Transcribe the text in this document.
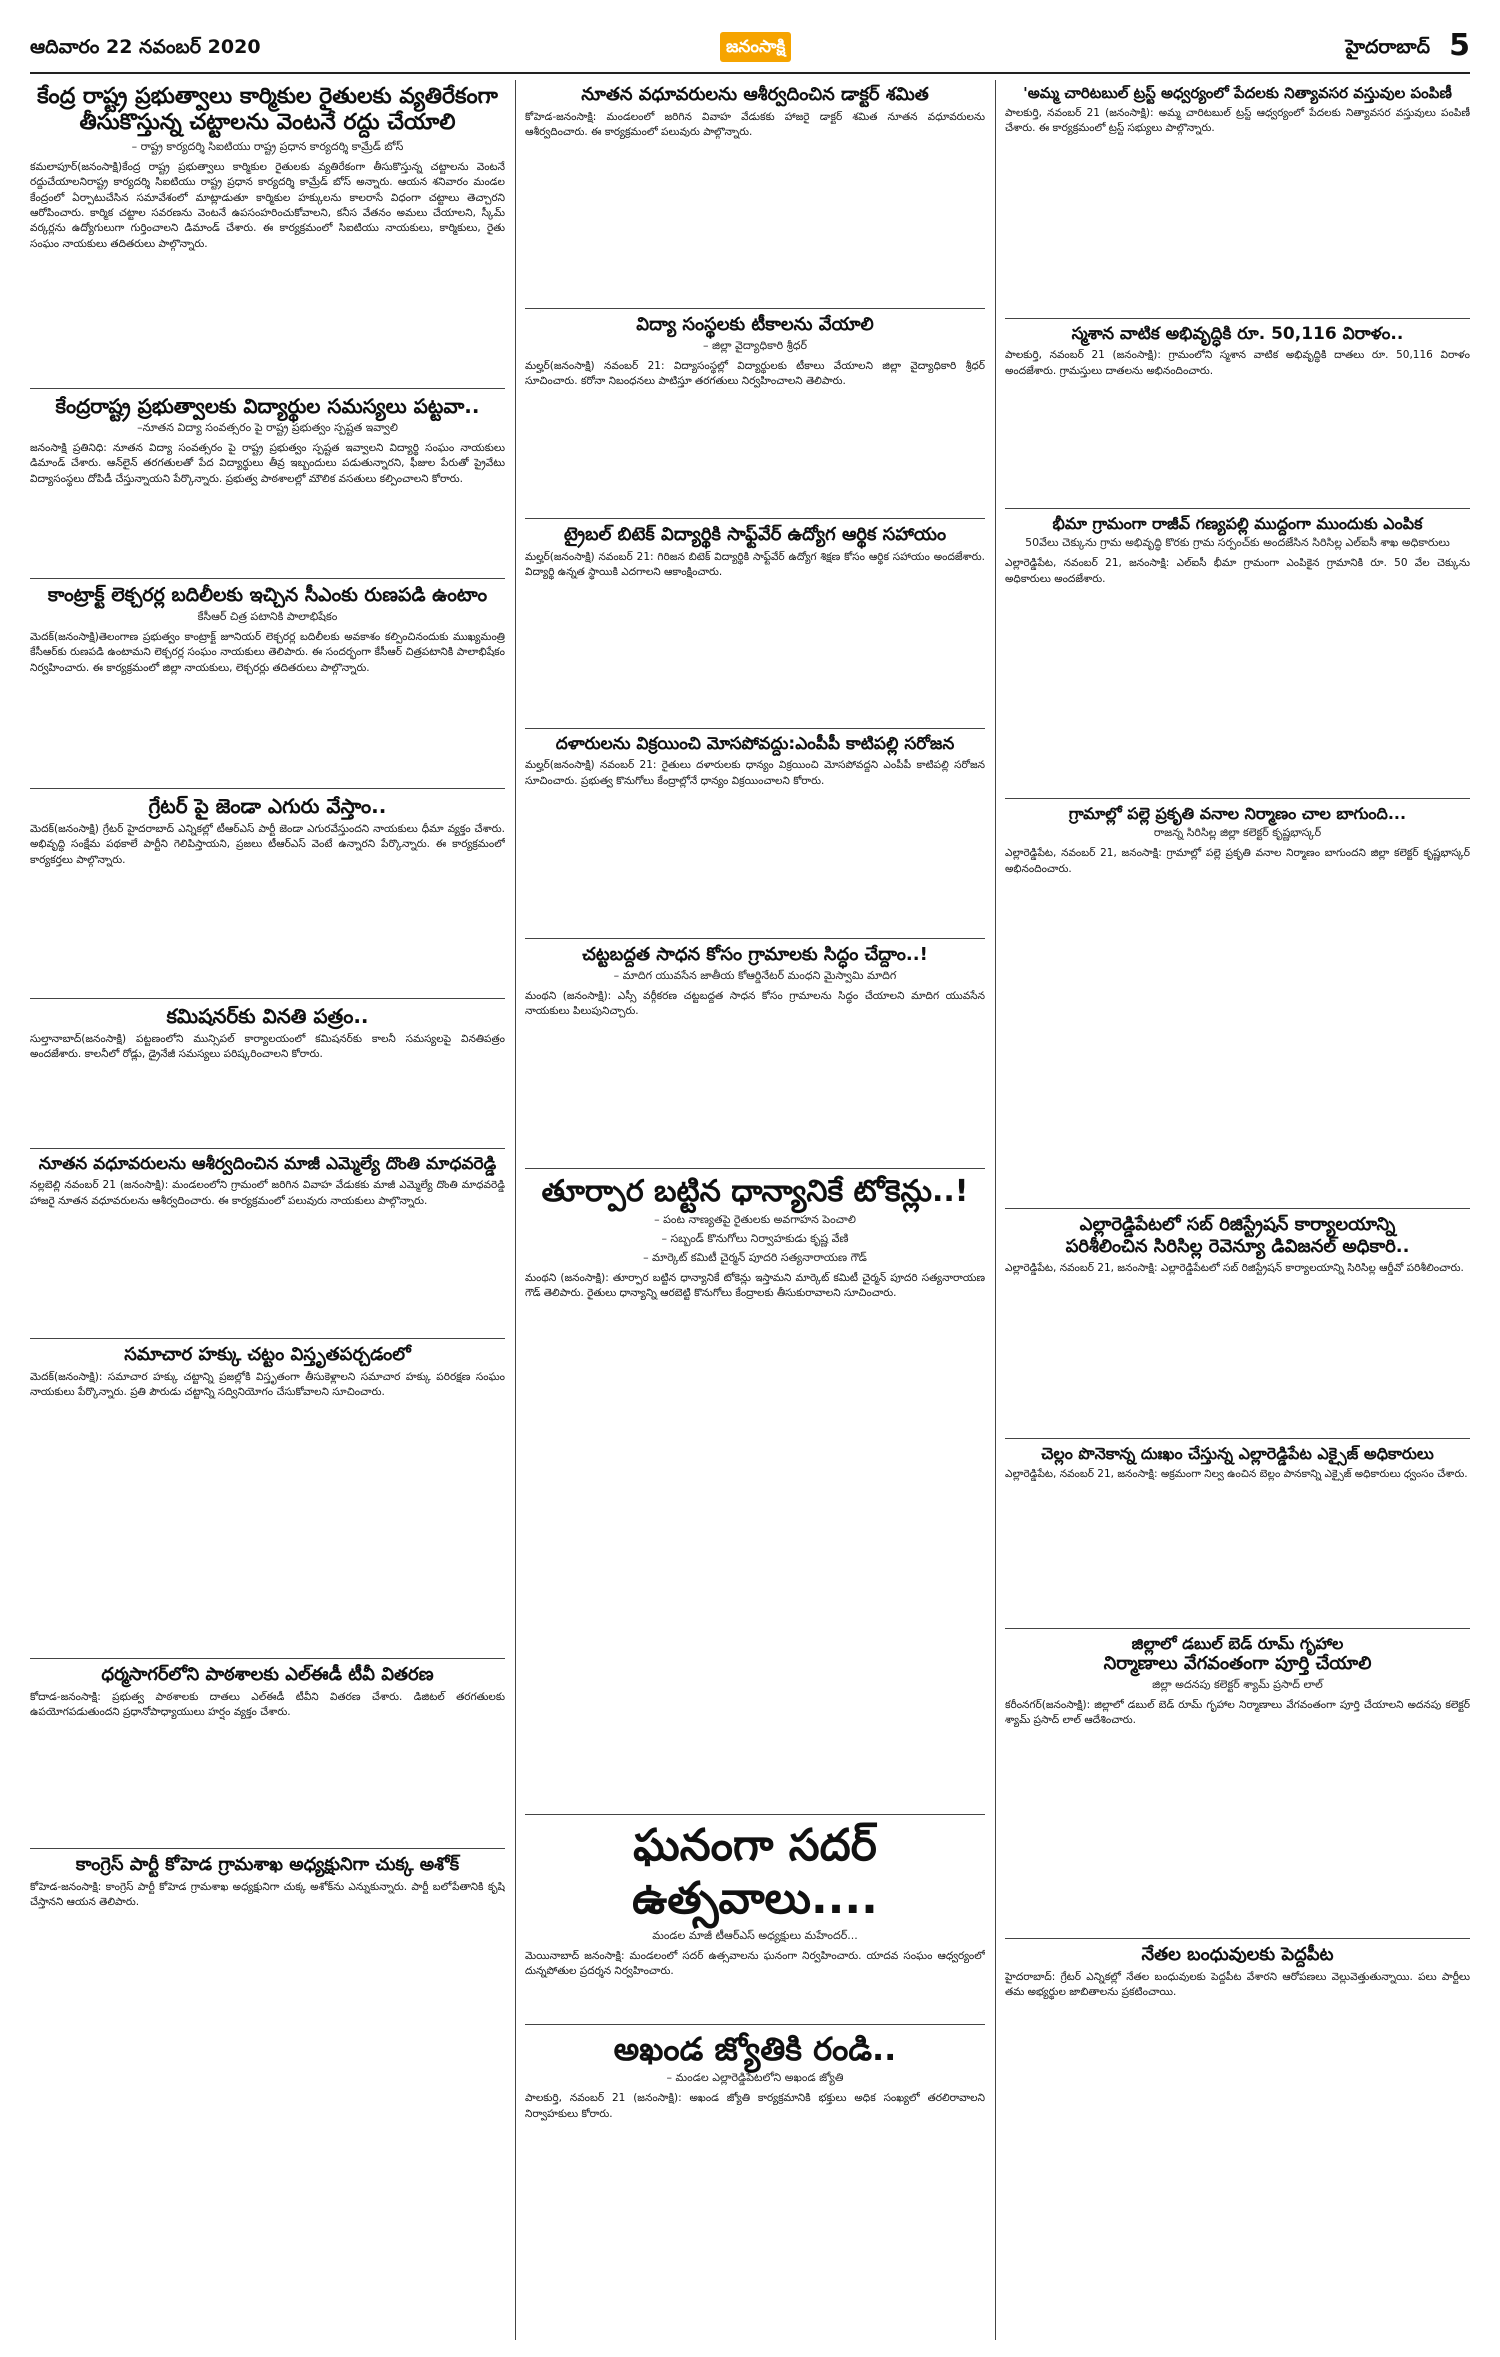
ఆదివారం 22 నవంబర్ 2020	జనంసాక్షి	హైదరాబాద్ 5

కేంద్ర రాష్ట్ర ప్రభుత్వాలు కార్మికుల రైతులకు వ్యతిరేకంగా

తీసుకొస్తున్న చట్టాలను వెంటనే రద్దు చేయాలి

– రాష్ట్ర కార్యదర్శి సిఐటియు రాష్ట్ర ప్రధాన కార్యదర్శి కామ్రేడ్ బోస్

కమలాపూర్(జనంసాక్షి)కేంద్ర రాష్ట్ర ప్రభుత్వాలు కార్మికుల రైతులకు వ్యతిరేకంగా తీసుకొస్తున్న చట్టాలను వెంటనే రద్దుచేయాలనిరాష్ట్ర కార్యదర్శి సిఐటియు రాష్ట్ర ప్రధాన కార్యదర్శి కామ్రేడ్ బోస్ అన్నారు. ఆయన శనివారం మండల కేంద్రంలో ఏర్పాటుచేసిన సమావేశంలో మాట్లాడుతూ కార్మికుల హక్కులను కాలరాసే విధంగా చట్టాలు తెచ్చారని ఆరోపించారు. కార్మిక చట్టాల సవరణను వెంటనే ఉపసంహరించుకోవాలని, కనీస వేతనం అమలు చేయాలని, స్కీమ్ వర్కర్లను ఉద్యోగులుగా గుర్తించాలని డిమాండ్ చేశారు. ఈ కార్యక్రమంలో సిఐటియు నాయకులు, కార్మికులు, రైతు సంఘం నాయకులు తదితరులు పాల్గొన్నారు.

కేంద్రరాష్ట్ర ప్రభుత్వాలకు విద్యార్థుల సమస్యలు పట్టవా..

–నూతన విద్యా సంవత్సరం పై రాష్ట్ర ప్రభుత్వం స్పష్టత ఇవ్వాలి

జనంసాక్షి ప్రతినిధి: నూతన విద్యా సంవత్సరం పై రాష్ట్ర ప్రభుత్వం స్పష్టత ఇవ్వాలని విద్యార్థి సంఘం నాయకులు డిమాండ్ చేశారు. ఆన్‌లైన్ తరగతులతో పేద విద్యార్థులు తీవ్ర ఇబ్బందులు పడుతున్నారని, ఫీజుల పేరుతో ప్రైవేటు విద్యాసంస్థలు దోపిడీ చేస్తున్నాయని పేర్కొన్నారు. ప్రభుత్వ పాఠశాలల్లో మౌలిక వసతులు కల్పించాలని కోరారు.

కాంట్రాక్ట్ లెక్చరర్ల బదిలీలకు ఇచ్చిన సీఎంకు రుణపడి ఉంటాం

కేసీఆర్ చిత్ర పటానికి పాలాభిషేకం

మెదక్(జనంసాక్షి)తెలంగాణ ప్రభుత్వం కాంట్రాక్ట్ జూనియర్ లెక్చరర్ల బదిలీలకు అవకాశం కల్పించినందుకు ముఖ్యమంత్రి కేసీఆర్‌కు రుణపడి ఉంటామని లెక్చరర్ల సంఘం నాయకులు తెలిపారు. ఈ సందర్భంగా కేసీఆర్ చిత్రపటానికి పాలాభిషేకం నిర్వహించారు. ఈ కార్యక్రమంలో జిల్లా నాయకులు, లెక్చరర్లు తదితరులు పాల్గొన్నారు.

గ్రేటర్ పై జెండా ఎగురు వేస్తాం..

మెదక్(జనంసాక్షి) గ్రేటర్ హైదరాబాద్ ఎన్నికల్లో టీఆర్ఎస్ పార్టీ జెండా ఎగురవేస్తుందని నాయకులు ధీమా వ్యక్తం చేశారు. అభివృద్ధి సంక్షేమ పథకాలే పార్టీని గెలిపిస్తాయని, ప్రజలు టీఆర్ఎస్ వెంటే ఉన్నారని పేర్కొన్నారు. ఈ కార్యక్రమంలో కార్యకర్తలు పాల్గొన్నారు.

కమిషనర్‌కు వినతి పత్రం..

సుల్తానాబాద్(జనంసాక్షి) పట్టణంలోని మున్సిపల్ కార్యాలయంలో కమిషనర్‌కు కాలనీ సమస్యలపై వినతిపత్రం అందజేశారు. కాలనీలో రోడ్లు, డ్రైనేజీ సమస్యలు పరిష్కరించాలని కోరారు.

నూతన వధూవరులను ఆశీర్వదించిన మాజీ ఎమ్మెల్యే దొంతి మాధవరెడ్డి

నల్లబెల్లి నవంబర్ 21 (జనంసాక్షి): మండలంలోని గ్రామంలో జరిగిన వివాహ వేడుకకు మాజీ ఎమ్మెల్యే దొంతి మాధవరెడ్డి హాజరై నూతన వధూవరులను ఆశీర్వదించారు. ఈ కార్యక్రమంలో పలువురు నాయకులు పాల్గొన్నారు.

సమాచార హక్కు చట్టం విస్తృతపర్చడంలో

మెదక్(జనంసాక్షి): సమాచార హక్కు చట్టాన్ని ప్రజల్లోకి విస్తృతంగా తీసుకెళ్లాలని సమాచార హక్కు పరిరక్షణ సంఘం నాయకులు పేర్కొన్నారు. ప్రతి పౌరుడు చట్టాన్ని సద్వినియోగం చేసుకోవాలని సూచించారు.

ధర్మసాగర్‌లోని పాఠశాలకు ఎల్ఈడీ టీవీ వితరణ

కోదాడ-జనంసాక్షి: ప్రభుత్వ పాఠశాలకు దాతలు ఎల్ఈడీ టీవీని వితరణ చేశారు. డిజిటల్ తరగతులకు ఉపయోగపడుతుందని ప్రధానోపాధ్యాయులు హర్షం వ్యక్తం చేశారు.

కాంగ్రెస్ పార్టీ కోహెడ గ్రామశాఖ అధ్యక్షునిగా చుక్క అశోక్

కోహెడ-జనంసాక్షి: కాంగ్రెస్ పార్టీ కోహెడ గ్రామశాఖ అధ్యక్షునిగా చుక్క అశోక్‌ను ఎన్నుకున్నారు. పార్టీ బలోపేతానికి కృషి చేస్తానని ఆయన తెలిపారు.

నూతన వధూవరులను ఆశీర్వదించిన డాక్టర్ శమిత

కోహెడ-జనంసాక్షి: మండలంలో జరిగిన వివాహ వేడుకకు హాజరై డాక్టర్ శమిత నూతన వధూవరులను ఆశీర్వదించారు. ఈ కార్యక్రమంలో పలువురు పాల్గొన్నారు.

విద్యా సంస్థలకు టీకాలను వేయాలి

– జిల్లా వైద్యాధికారి శ్రీధర్

మల్హర్(జనంసాక్షి) నవంబర్ 21: విద్యాసంస్థల్లో విద్యార్థులకు టీకాలు వేయాలని జిల్లా వైద్యాధికారి శ్రీధర్ సూచించారు. కరోనా నిబంధనలు పాటిస్తూ తరగతులు నిర్వహించాలని తెలిపారు.

ట్రైబల్ బిటెక్ విద్యార్థికి సాఫ్ట్‌వేర్ ఉద్యోగ ఆర్థిక సహాయం

మల్హర్(జనంసాక్షి) నవంబర్ 21: గిరిజన బిటెక్ విద్యార్థికి సాఫ్ట్‌వేర్ ఉద్యోగ శిక్షణ కోసం ఆర్థిక సహాయం అందజేశారు. విద్యార్థి ఉన్నత స్థాయికి ఎదగాలని ఆకాంక్షించారు.

దళారులను విక్రయించి మోసపోవద్దు:ఎంపీపీ కాటిపల్లి సరోజన

మల్హర్(జనంసాక్షి) నవంబర్ 21: రైతులు దళారులకు ధాన్యం విక్రయించి మోసపోవద్దని ఎంపీపీ కాటిపల్లి సరోజన సూచించారు. ప్రభుత్వ కొనుగోలు కేంద్రాల్లోనే ధాన్యం విక్రయించాలని కోరారు.

చట్టబద్దత సాధన కోసం గ్రామాలకు సిద్ధం చేద్దాం..!

– మాదిగ యువసేన జాతీయ కోఆర్డినేటర్ మంధని మైస్వామి మాదిగ

మంథని (జనంసాక్షి): ఎస్సీ వర్గీకరణ చట్టబద్దత సాధన కోసం గ్రామాలను సిద్ధం చేయాలని మాదిగ యువసేన నాయకులు పిలుపునిచ్చారు.

తూర్పార బట్టిన ధాన్యానికే టోకెన్లు..!

– పంట నాణ్యతపై రైతులకు అవగాహన పెంచాలి

– సబ్బండ్ కొనుగోలు నిర్వాహకుడు కృష్ణ వేణి

– మార్కెట్ కమిటీ చైర్మన్ పూదరి సత్యనారాయణ గౌడ్

మంథని (జనంసాక్షి): తూర్పార బట్టిన ధాన్యానికే టోకెన్లు ఇస్తామని మార్కెట్ కమిటీ చైర్మన్ పూదరి సత్యనారాయణ గౌడ్ తెలిపారు. రైతులు ధాన్యాన్ని ఆరబెట్టి కొనుగోలు కేంద్రాలకు తీసుకురావాలని సూచించారు.

ఘనంగా సదర్ ఉత్సవాలు....

మండల మాజీ టీఆర్ఎస్ అధ్యక్షులు మహేందర్...

మెయినాబాద్ జనంసాక్షి: మండలంలో సదర్ ఉత్సవాలను ఘనంగా నిర్వహించారు. యాదవ సంఘం ఆధ్వర్యంలో దున్నపోతుల ప్రదర్శన నిర్వహించారు.

అఖండ జ్యోతికి రండి..

– మండల ఎల్లారెడ్డిపేటలోని అఖండ జ్యోతి

పాలకుర్తి, నవంబర్ 21 (జనంసాక్షి): అఖండ జ్యోతి కార్యక్రమానికి భక్తులు అధిక సంఖ్యలో తరలిరావాలని నిర్వాహకులు కోరారు.

'అమ్మ చారిటబుల్ ట్రస్ట్ అధ్వర్యంలో పేదలకు నిత్యావసర వస్తువుల పంపిణీ

పాలకుర్తి, నవంబర్ 21 (జనంసాక్షి): అమ్మ చారిటబుల్ ట్రస్ట్ ఆధ్వర్యంలో పేదలకు నిత్యావసర వస్తువులు పంపిణీ చేశారు. ఈ కార్యక్రమంలో ట్రస్ట్ సభ్యులు పాల్గొన్నారు.

స్మశాన వాటిక అభివృద్ధికి రూ. 50,116 విరాళం..

పాలకుర్తి, నవంబర్ 21 (జనంసాక్షి): గ్రామంలోని స్మశాన వాటిక అభివృద్ధికి దాతలు రూ. 50,116 విరాళం అందజేశారు. గ్రామస్తులు దాతలను అభినందించారు.

భీమా గ్రామంగా రాజీవ్ గణ్యపల్లి ముద్దంగా ముందుకు ఎంపిక

50వేలు చెక్కును గ్రామ అభివృద్ధి కొరకు గ్రామ సర్పంచ్‌కు అందజేసిన సిరిసిల్ల ఎల్ఐసీ శాఖ అధికారులు

ఎల్లారెడ్డిపేట, నవంబర్ 21, జనంసాక్షి: ఎల్ఐసీ భీమా గ్రామంగా ఎంపికైన గ్రామానికి రూ. 50 వేల చెక్కును అధికారులు అందజేశారు.

గ్రామాల్లో పల్లె ప్రకృతి వనాల నిర్మాణం చాల బాగుంది...

రాజన్న సిరిసిల్ల జిల్లా కలెక్టర్ కృష్ణభాస్కర్

ఎల్లారెడ్డిపేట, నవంబర్ 21, జనంసాక్షి: గ్రామాల్లో పల్లె ప్రకృతి వనాల నిర్మాణం బాగుందని జిల్లా కలెక్టర్ కృష్ణభాస్కర్ అభినందించారు.

ఎల్లారెడ్డిపేటలో సబ్ రిజిస్ట్రేషన్ కార్యాలయాన్ని

పరిశీలించిన సిరిసిల్ల రెవెన్యూ డివిజనల్ అధికారి..

ఎల్లారెడ్డిపేట, నవంబర్ 21, జనంసాక్షి: ఎల్లారెడ్డిపేటలో సబ్ రిజిస్ట్రేషన్ కార్యాలయాన్ని సిరిసిల్ల ఆర్డీవో పరిశీలించారు.

చెల్లం పొనెకాన్న దుఃఖం చేస్తున్న ఎల్లారెడ్డిపేట ఎక్సైజ్ అధికారులు

ఎల్లారెడ్డిపేట, నవంబర్ 21, జనంసాక్షి: అక్రమంగా నిల్వ ఉంచిన బెల్లం పానకాన్ని ఎక్సైజ్ అధికారులు ధ్వంసం చేశారు.

జిల్లాలో డబుల్ బెడ్ రూమ్ గృహాల

నిర్మాణాలు వేగవంతంగా పూర్తి చేయాలి

జిల్లా అదనపు కలెక్టర్ శ్యామ్ ప్రసాద్ లాల్

కరీంనగర్(జనంసాక్షి): జిల్లాలో డబుల్ బెడ్ రూమ్ గృహాల నిర్మాణాలు వేగవంతంగా పూర్తి చేయాలని అదనపు కలెక్టర్ శ్యామ్ ప్రసాద్ లాల్ ఆదేశించారు.

నేతల బంధువులకు పెద్దపీట

హైదరాబాద్: గ్రేటర్ ఎన్నికల్లో నేతల బంధువులకు పెద్దపీట వేశారని ఆరోపణలు వెల్లువెత్తుతున్నాయి. పలు పార్టీలు తమ అభ్యర్థుల జాబితాలను ప్రకటించాయి.
